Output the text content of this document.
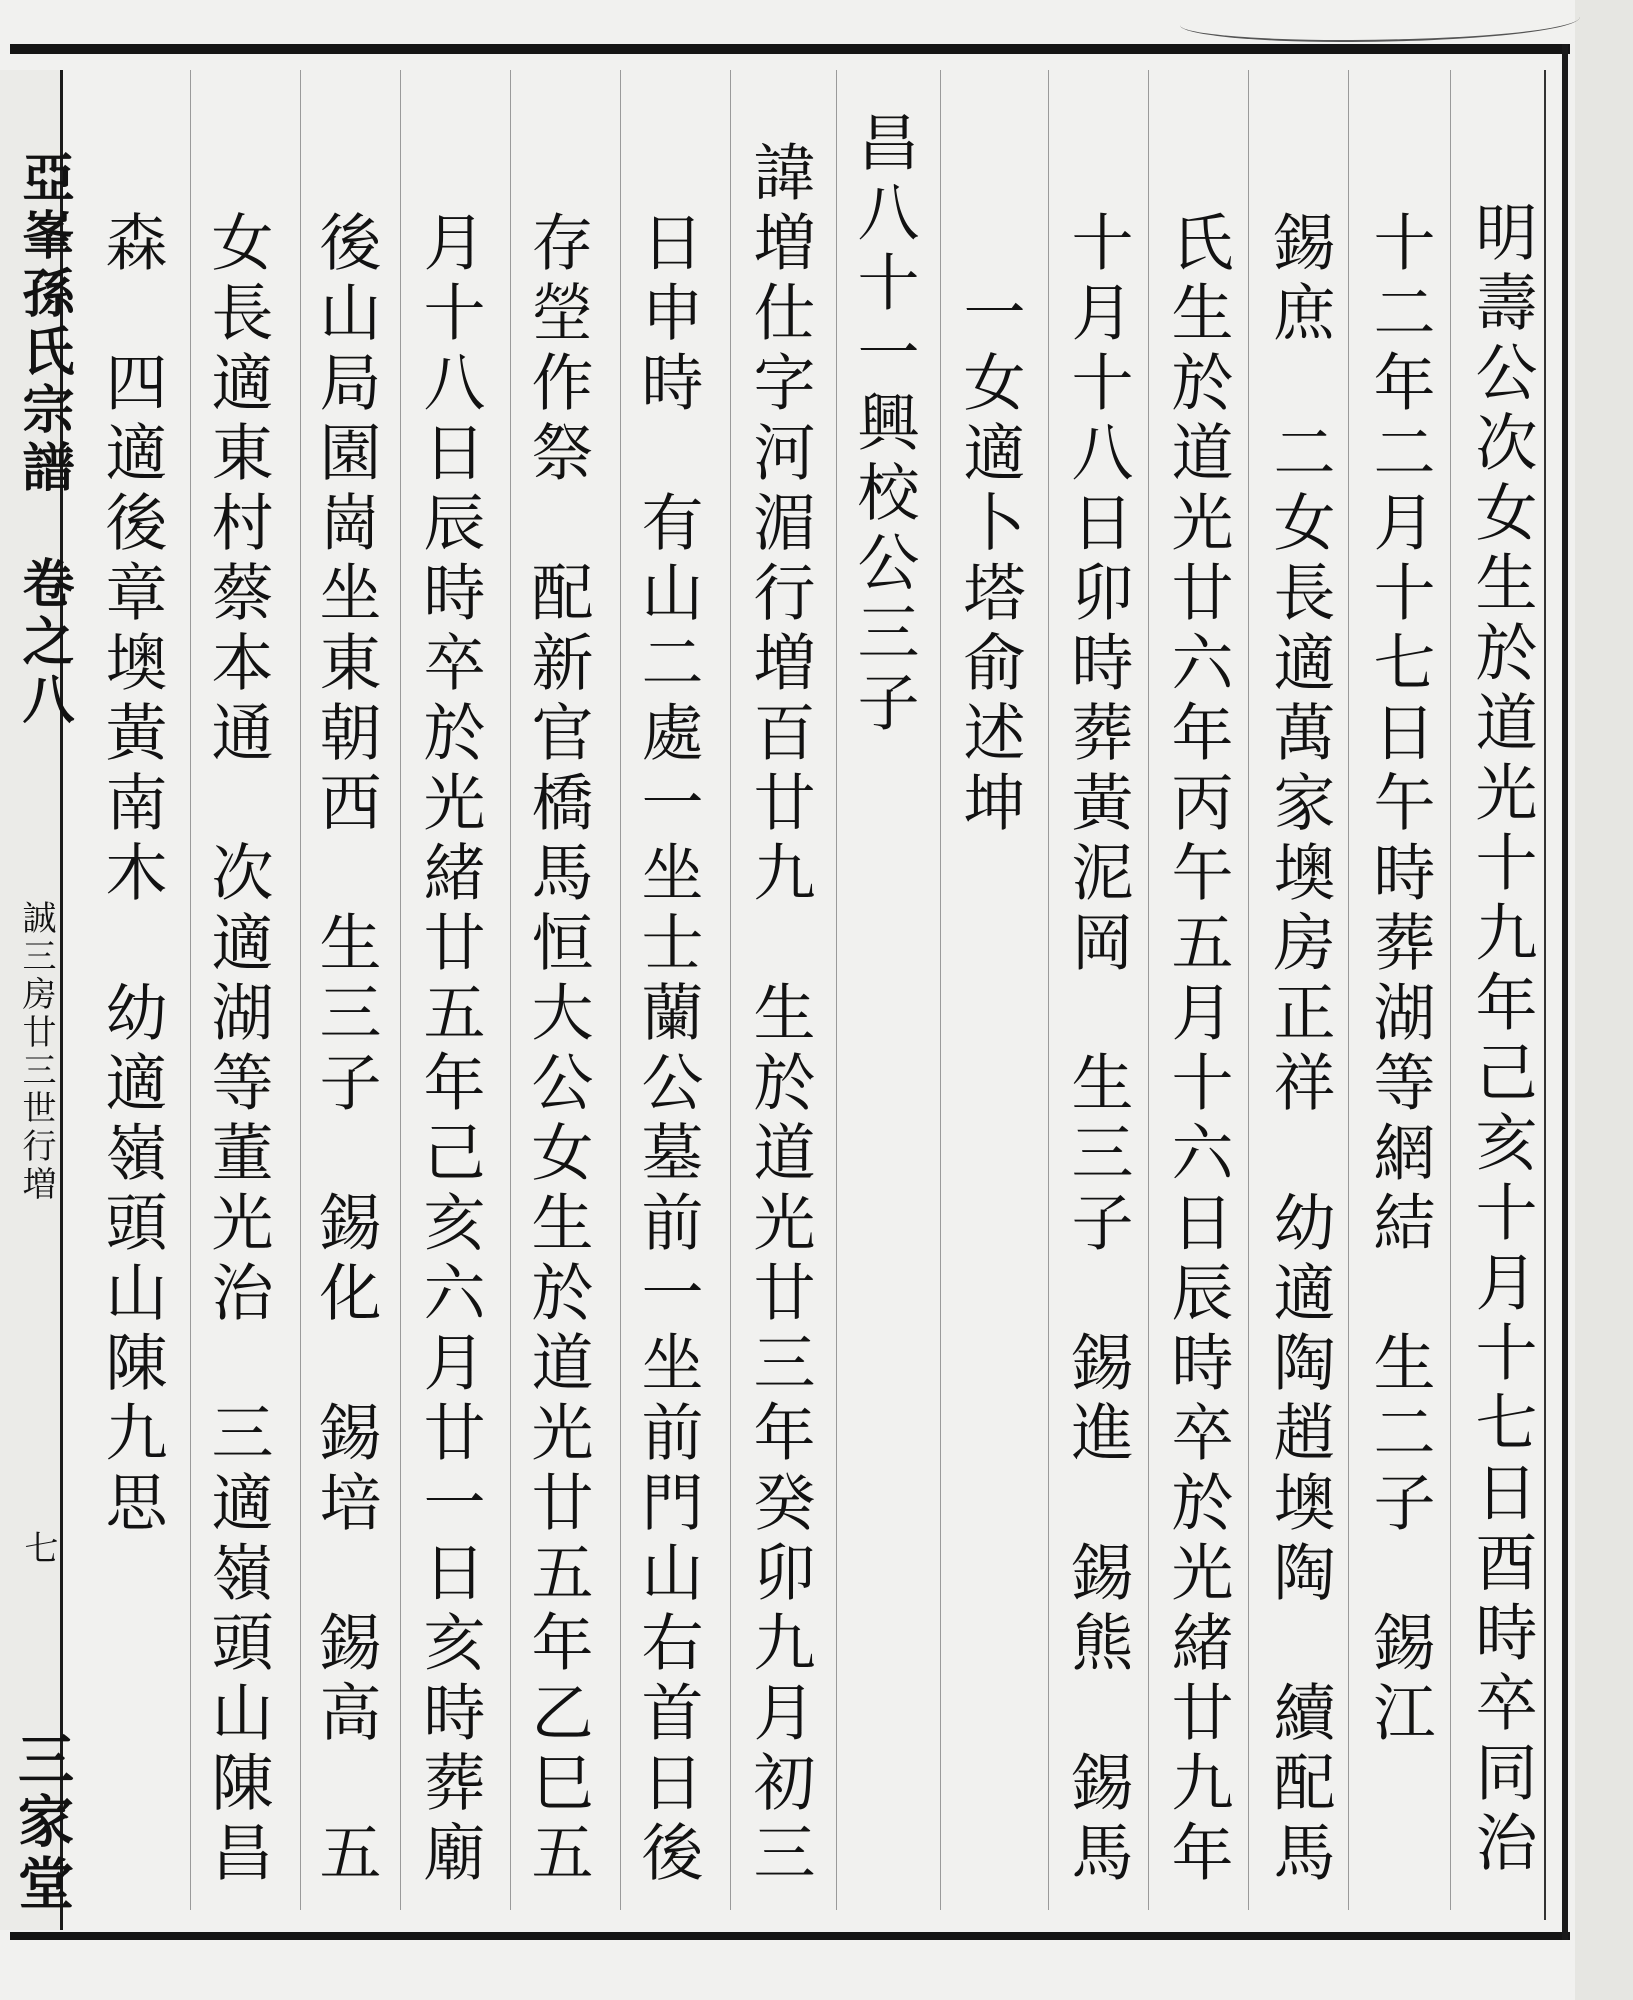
明壽公次女生於道光十九年己亥十月十七日酉時卒同治
十二年二月十七日午時葬湖等網結　生二子　錫江
錫庶　二女長適萬家墺房正祥　幼適陶趙墺陶　續配馬
氏生於道光廿六年丙午五月十六日辰時卒於光緒廿九年
十月十八日卯時葬黃泥岡　生三子　錫進　錫熊　錫馬
一女適卜塔俞述坤
昌八十一興校公三子
諱増仕字河湄行増百廿九　生於道光廿三年癸卯九月初三
日申時　有山二處一坐士蘭公墓前一坐前門山右首日後
存塋作祭　配新官橋馬恒大公女生於道光廿五年乙巳五
月十八日辰時卒於光緒廿五年己亥六月廿一日亥時葬廟
後山局園崗坐東朝西　生三子　錫化　錫培　錫高　五
女長適東村蔡本通　次適湖等董光治　三適嶺頭山陳昌
森　四適後章墺黃南木　幼適嶺頭山陳九思
亞峯孫氏宗譜　卷之八
誠三房廿三世行増
七
三家堂
